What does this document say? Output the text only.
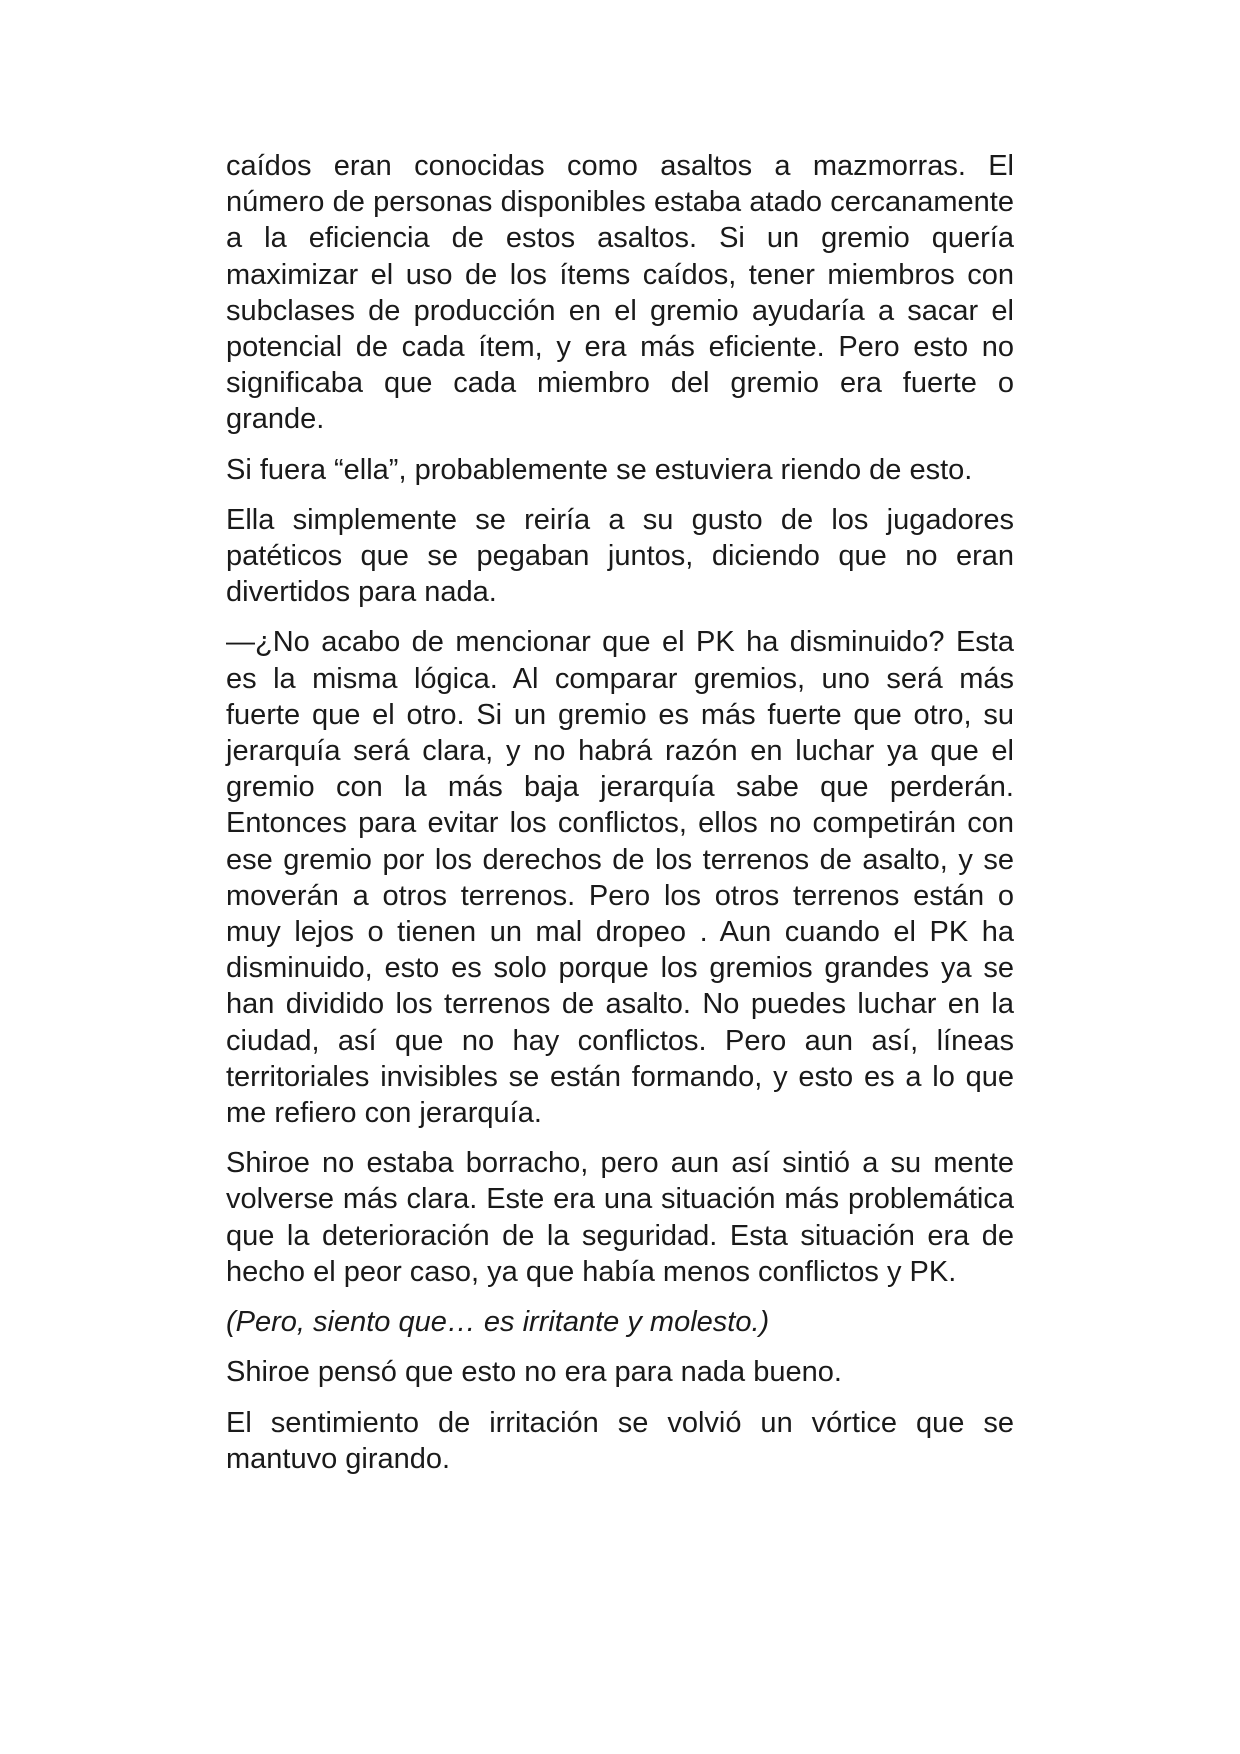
caídos eran conocidas como asaltos a mazmorras. El número de personas disponibles estaba atado cercanamente a la eficiencia de estos asaltos. Si un gremio quería maximizar el uso de los ítems caídos, tener miembros con subclases de producción en el gremio ayudaría a sacar el potencial de cada ítem, y era más eficiente. Pero esto no significaba que cada miembro del gremio era fuerte o grande.

Si fuera “ella”, probablemente se estuviera riendo de esto.

Ella simplemente se reiría a su gusto de los jugadores patéticos que se pegaban juntos, diciendo que no eran divertidos para nada.

—¿No acabo de mencionar que el PK ha disminuido? Esta es la misma lógica. Al comparar gremios, uno será más fuerte que el otro. Si un gremio es más fuerte que otro, su jerarquía será clara, y no habrá razón en luchar ya que el gremio con la más baja jerarquía sabe que perderán. Entonces para evitar los conflictos, ellos no competirán con ese gremio por los derechos de los terrenos de asalto, y se moverán a otros terrenos. Pero los otros terrenos están o muy lejos o tienen un mal dropeo . Aun cuando el PK ha disminuido, esto es solo porque los gremios grandes ya se han dividido los terrenos de asalto. No puedes luchar en la ciudad, así que no hay conflictos. Pero aun así, líneas territoriales invisibles se están formando, y esto es a lo que me refiero con jerarquía.

Shiroe no estaba borracho, pero aun así sintió a su mente volverse más clara. Este era una situación más problemática que la deterioración de la seguridad. Esta situación era de hecho el peor caso, ya que había menos conflictos y PK.

(Pero, siento que… es irritante y molesto.)

Shiroe pensó que esto no era para nada bueno.

El sentimiento de irritación se volvió un vórtice que se mantuvo girando.
